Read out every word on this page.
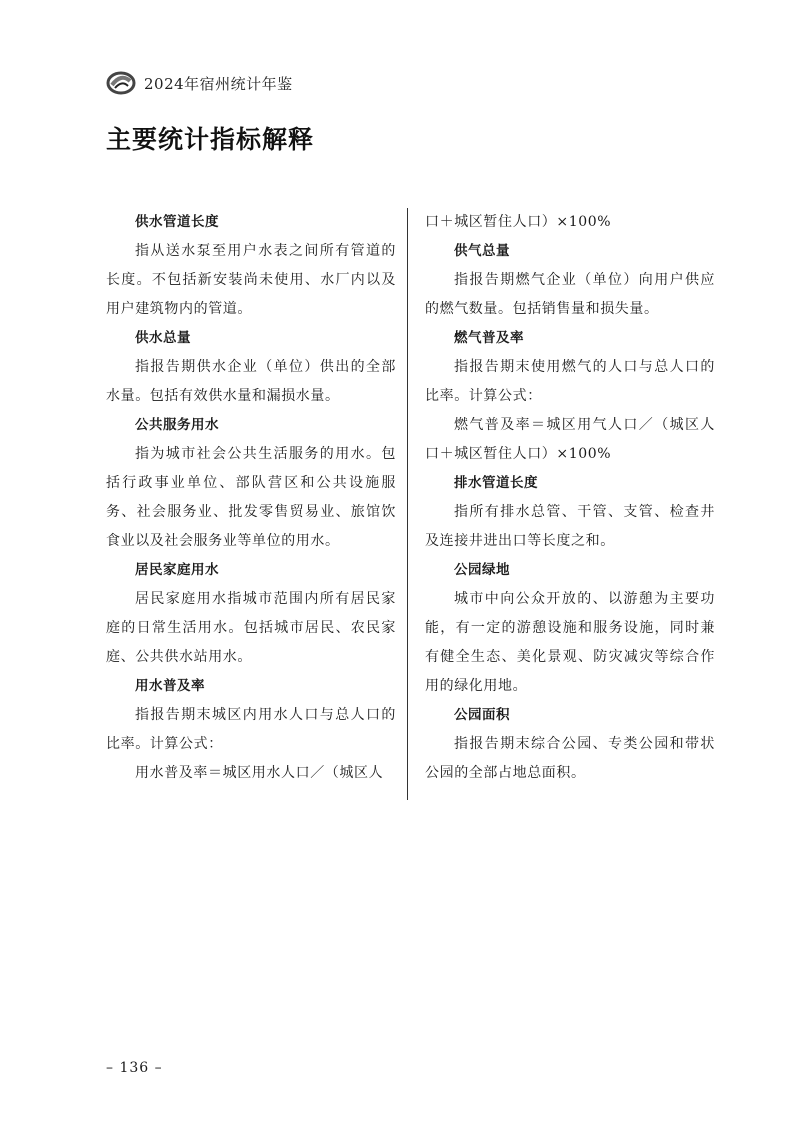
2024年宿州统计年鉴
主要统计指标解释
供水管道长度
指从送水泵至用户水表之间所有管道的长度。不包括新安装尚未使用、水厂内以及用户建筑物内的管道。
供水总量
指报告期供水企业（单位）供出的全部水量。包括有效供水量和漏损水量。
公共服务用水
指为城市社会公共生活服务的用水。包括行政事业单位、部队营区和公共设施服务、社会服务业、批发零售贸易业、旅馆饮食业以及社会服务业等单位的用水。
居民家庭用水
居民家庭用水指城市范围内所有居民家庭的日常生活用水。包括城市居民、农民家庭、公共供水站用水。
用水普及率
指报告期末城区内用水人口与总人口的比率。计算公式：
用水普及率＝城区用水人口／（城区人
口＋城区暂住人口）×100%
供气总量
指报告期燃气企业（单位）向用户供应的燃气数量。包括销售量和损失量。
燃气普及率
指报告期末使用燃气的人口与总人口的比率。计算公式：
燃气普及率＝城区用气人口／（城区人口＋城区暂住人口）×100%
排水管道长度
指所有排水总管、干管、支管、检查井及连接井进出口等长度之和。
公园绿地
城市中向公众开放的、以游憩为主要功能，有一定的游憩设施和服务设施，同时兼有健全生态、美化景观、防灾减灾等综合作用的绿化用地。
公园面积
指报告期末综合公园、专类公园和带状公园的全部占地总面积。
– 136 –
